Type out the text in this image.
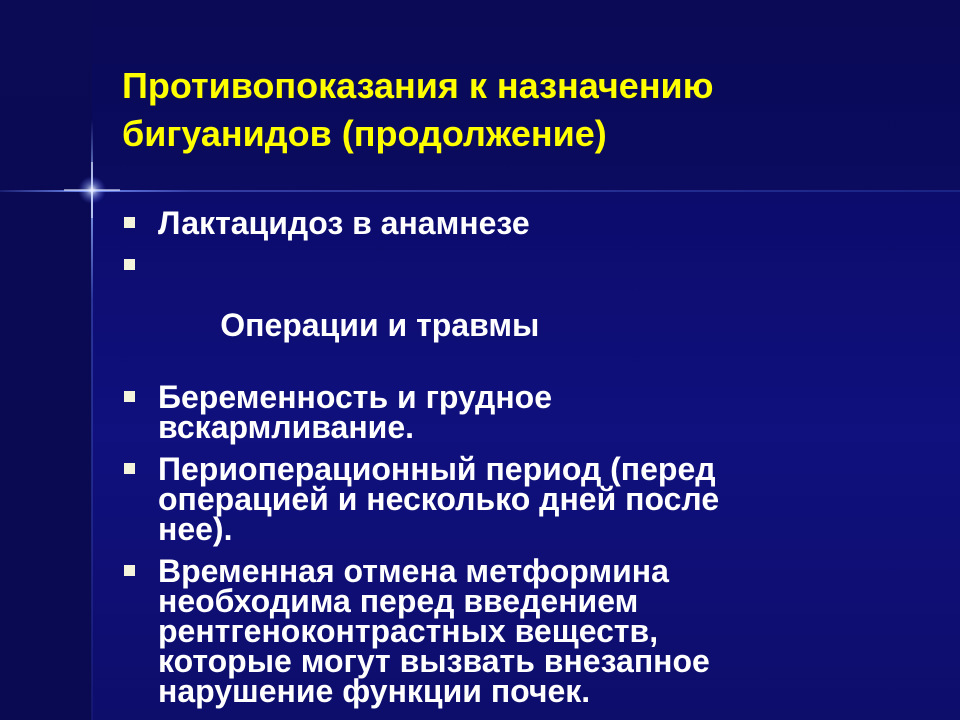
Противопоказания к назначению
бигуанидов (продолжение)
Лактацидоз в анамнезе

Операции и травмы

Беременность и грудное
вскармливание.
Периоперационный период (перед
операцией и несколько дней после
нее).
Временная отмена метформина
необходима перед введением
рентгеноконтрастных веществ,
которые могут вызвать внезапное
нарушение функции почек.
